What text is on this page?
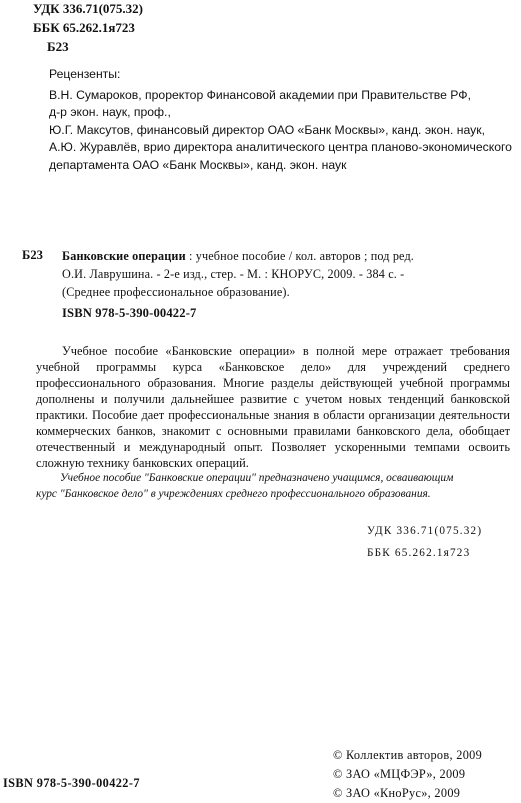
УДК 336.71(075.32)
ББК 65.262.1я723
Б23
Рецензенты:
В.Н. Сумароков, проректор Финансовой академии при Правительстве РФ,
д-р экон. наук, проф.,
Ю.Г. Максутов, финансовый директор ОАО «Банк Москвы», канд. экон. наук,
А.Ю. Журавлёв, врио директора аналитического центра планово-экономического
департамента ОАО «Банк Москвы», канд. экон. наук
Б23 Банковские операции : учебное пособие / кол. авторов ; под ред.
О.И. Лаврушина. - 2-е изд., стер. - М. : КНОРУС, 2009. - 384 с. -
(Среднее профессиональное образование).
ISBN 978-5-390-00422-7
Учебное пособие «Банковские операции» в полной мере отражает требования учебной программы курса «Банковское дело» для учреждений среднего профессионального образования. Многие разделы действующей учебной программы дополнены и получили дальнейшее развитие с учетом новых тенденций банковской практики. Пособие дает профессиональные знания в области организации деятельности коммерческих банков, знакомит с основными правилами банковского дела, обобщает отечественный и международный опыт. Позволяет ускоренными темпами освоить сложную технику банковских операций.
Учебное пособие "Банковские операции" предназначено учащимся, осваивающим
курс "Банковское дело" в учреждениях среднего профессионального образования.
УДК 336.71(075.32)
ББК 65.262.1я723
ISBN 978-5-390-00422-7
© Коллектив авторов, 2009
© ЗАО «МЦФЭР», 2009
© ЗАО «КноРус», 2009
